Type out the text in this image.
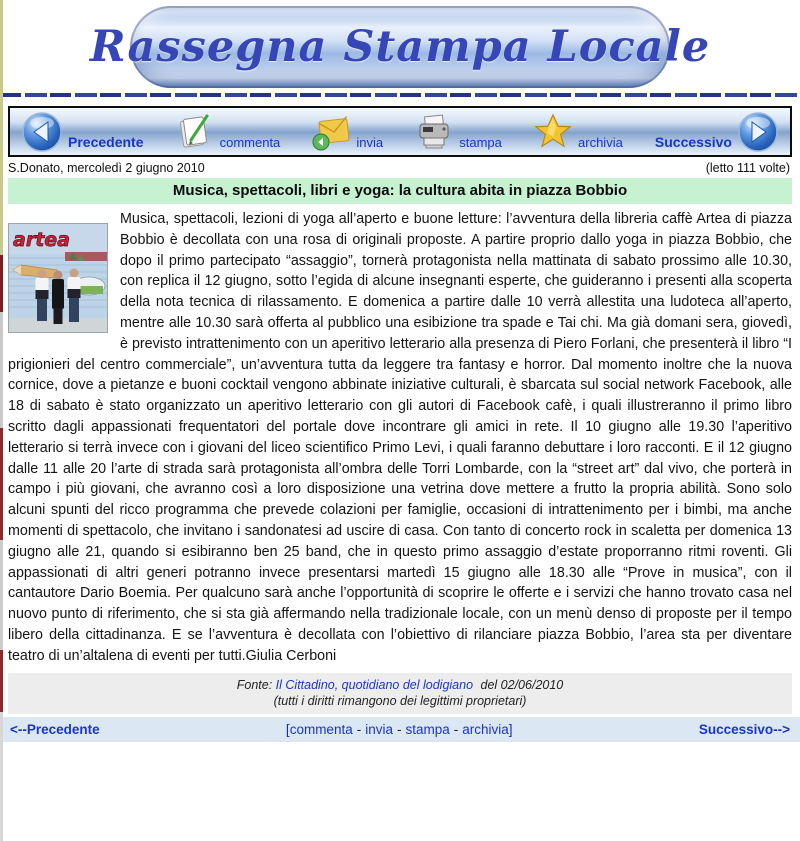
Rassegna Stampa Locale
Precedente	commenta	invia	stampa	archivia Successivo
S.Donato, mercoledì 2 giugno 2010	(letto 111 volte)
Musica, spettacoli, libri e yoga: la cultura abita in piazza Bobbio
artea
Musica, spettacoli, lezioni di yoga all’aperto e buone letture: l’avventura della libreria caffè Artea di piazza Bobbio è decollata con una rosa di originali proposte. A partire proprio dallo yoga in piazza Bobbio, che dopo il primo partecipato “assaggio”, tornerà protagonista nella mattinata di sabato prossimo alle 10.30, con replica il 12 giugno, sotto l’egida di alcune insegnanti esperte, che guideranno i presenti alla scoperta della nota tecnica di rilassamento. E domenica a partire dalle 10 verrà allestita una ludoteca all’aperto, mentre alle 10.30 sarà offerta al pubblico una esibizione tra spade e Tai chi. Ma già domani sera, giovedì, è previsto intrattenimento con un aperitivo letterario alla presenza di Piero Forlani, che presenterà il libro “I prigionieri del centro commerciale”, un’avventura tutta da leggere tra fantasy e horror. Dal momento inoltre che la nuova cornice, dove a pietanze e buoni cocktail vengono abbinate iniziative culturali, è sbarcata sul social network Facebook, alle 18 di sabato è stato organizzato un aperitivo letterario con gli autori di Facebook cafè, i quali illustreranno il primo libro scritto dagli appassionati frequentatori del portale dove incontrare gli amici in rete. Il 10 giugno alle 19.30 l’aperitivo letterario si terrà invece con i giovani del liceo scientifico Primo Levi, i quali faranno debuttare i loro racconti. E il 12 giugno dalle 11 alle 20 l’arte di strada sarà protagonista all’ombra delle Torri Lombarde, con la “street art” dal vivo, che porterà in campo i più giovani, che avranno così a loro disposizione una vetrina dove mettere a frutto la propria abilità. Sono solo alcuni spunti del ricco programma che prevede colazioni per famiglie, occasioni di intrattenimento per i bimbi, ma anche momenti di spettacolo, che invitano i sandonatesi ad uscire di casa. Con tanto di concerto rock in scaletta per domenica 13 giugno alle 21, quando si esibiranno ben 25 band, che in questo primo assaggio d’estate proporranno ritmi roventi. Gli appassionati di altri generi potranno invece presentarsi martedì 15 giugno alle 18.30 alle “Prove in musica”, con il cantautore Dario Boemia. Per qualcuno sarà anche l’opportunità di scoprire le offerte e i servizi che hanno trovato casa nel nuovo punto di riferimento, che si sta già affermando nella tradizionale locale, con un menù denso di proposte per il tempo libero della cittadinanza. E se l’avventura è decollata con l’obiettivo di rilanciare piazza Bobbio, l’area sta per diventare teatro di un’altalena di eventi per tutti.Giulia Cerboni
Fonte: Il Cittadino, quotidiano del lodigiano del 02/06/2010
(tutti i diritti rimangono dei legittimi proprietari)
<--Precedente	[commenta - invia - stampa - archivia]	Successivo-->
